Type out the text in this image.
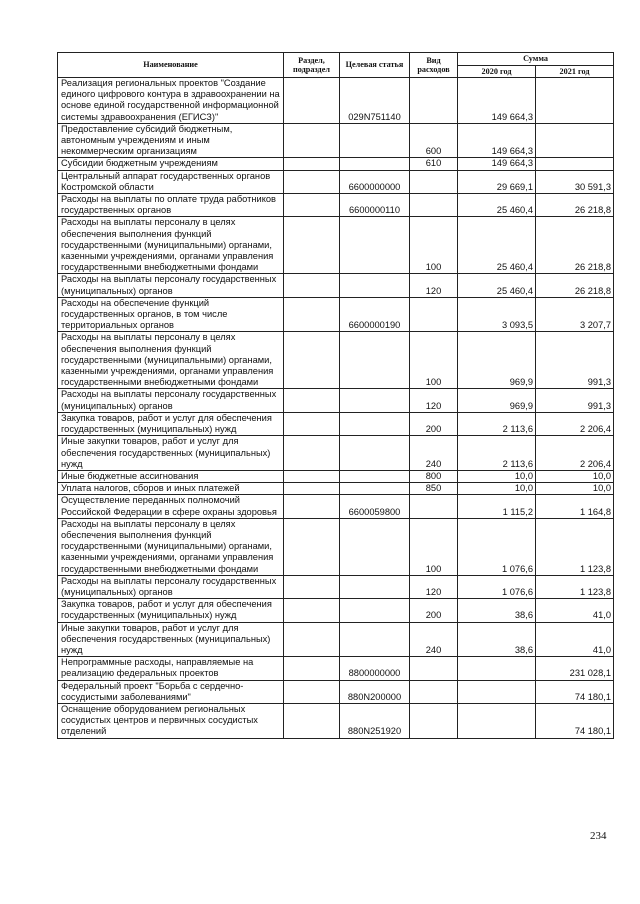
Наименование	Раздел, подраздел	Целевая статья	Вид расходов	Сумма	
				2020 год	2021 год
Реализация региональных проектов "Создание единого цифрового контура в здравоохранении на основе единой государственной информационной системы здравоохранения (ЕГИСЗ)"		029N751140		149 664,3	
Предоставление субсидий бюджетным, автономным учреждениям и иным некоммерческим организациям			600	149 664,3	
Субсидии бюджетным учреждениям			610	149 664,3	
Центральный аппарат государственных органов Костромской области		6600000000		29 669,1	30 591,3
Расходы на выплаты по оплате труда работников государственных органов		6600000110		25 460,4	26 218,8
Расходы на выплаты персоналу в целях обеспечения выполнения функций государственными (муниципальными) органами, казенными учреждениями, органами управления государственными внебюджетными фондами			100	25 460,4	26 218,8
Расходы на выплаты персоналу государственных (муниципальных) органов			120	25 460,4	26 218,8
Расходы на обеспечение функций государственных органов, в том числе территориальных органов		6600000190		3 093,5	3 207,7
Расходы на выплаты персоналу в целях обеспечения выполнения функций государственными (муниципальными) органами, казенными учреждениями, органами управления государственными внебюджетными фондами			100	969,9	991,3
Расходы на выплаты персоналу государственных (муниципальных) органов			120	969,9	991,3
Закупка товаров, работ и услуг для обеспечения государственных (муниципальных) нужд			200	2 113,6	2 206,4
Иные закупки товаров, работ и услуг для обеспечения государственных (муниципальных) нужд			240	2 113,6	2 206,4
Иные бюджетные ассигнования			800	10,0	10,0
Уплата налогов, сборов и иных платежей			850	10,0	10,0
Осуществление переданных полномочий Российской Федерации в сфере охраны здоровья		6600059800		1 115,2	1 164,8
Расходы на выплаты персоналу в целях обеспечения выполнения функций государственными (муниципальными) органами, казенными учреждениями, органами управления государственными внебюджетными фондами			100	1 076,6	1 123,8
Расходы на выплаты персоналу государственных (муниципальных) органов			120	1 076,6	1 123,8
Закупка товаров, работ и услуг для обеспечения государственных (муниципальных) нужд			200	38,6	41,0
Иные закупки товаров, работ и услуг для обеспечения государственных (муниципальных) нужд			240	38,6	41,0
Непрограммные расходы, направляемые на реализацию федеральных проектов		8800000000			231 028,1
Федеральный проект "Борьба с сердечно-сосудистыми заболеваниями"		880N200000			74 180,1
Оснащение оборудованием региональных сосудистых центров и первичных сосудистых отделений		880N251920			74 180,1
234
